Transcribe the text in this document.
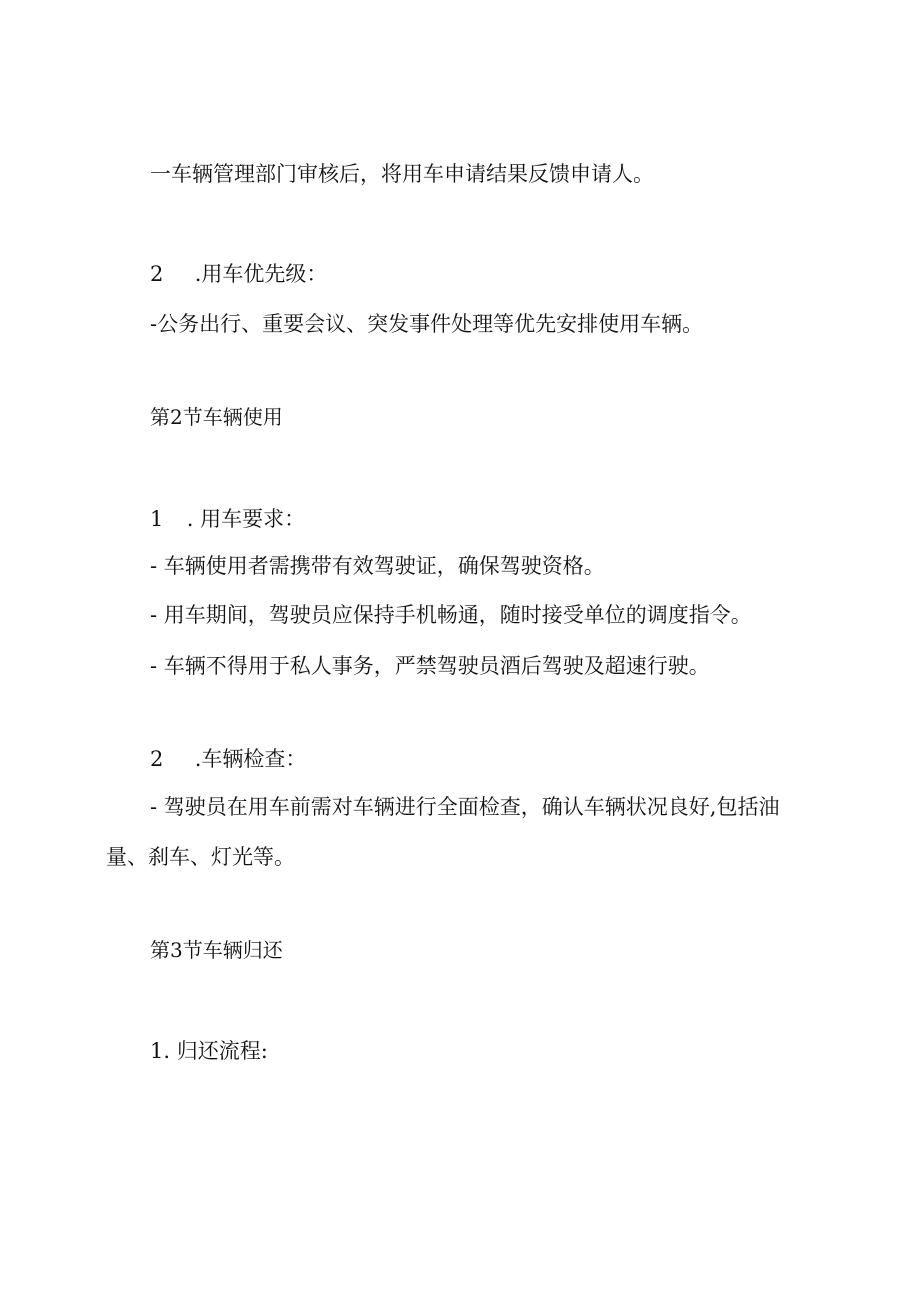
一车辆管理部门审核后，将用车申请结果反馈申请人。
2 .用车优先级：
-公务出行、重要会议、突发事件处理等优先安排使用车辆。
第2节车辆使用
1 . 用车要求：
- 车辆使用者需携带有效驾驶证，确保驾驶资格。
- 用车期间，驾驶员应保持手机畅通，随时接受单位的调度指令。
- 车辆不得用于私人事务，严禁驾驶员酒后驾驶及超速行驶。
2 .车辆检查：
- 驾驶员在用车前需对车辆进行全面检查，确认车辆状况良好,包括油
量、刹车、灯光等。
第3节车辆归还
1. 归还流程:
